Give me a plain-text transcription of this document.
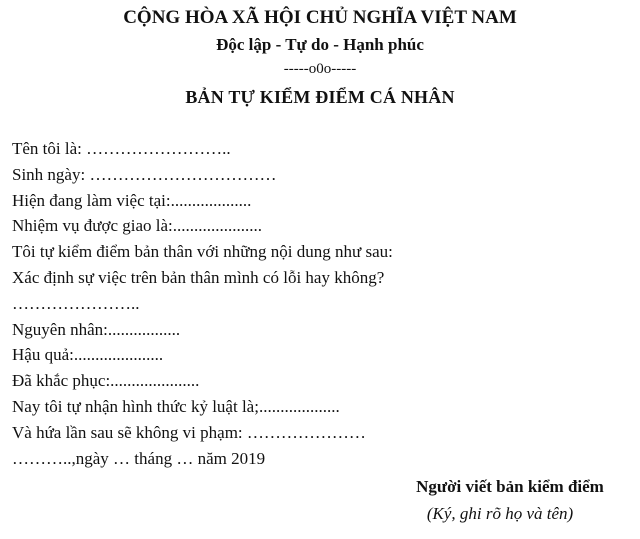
CỘNG HÒA XÃ HỘI CHỦ NGHĨA VIỆT NAM
Độc lập - Tự do - Hạnh phúc
-----o0o-----
BẢN TỰ KIỂM ĐIỂM CÁ NHÂN
Tên tôi là: ……………………..
Sinh ngày: ……………………………
Hiện đang làm việc tại:...................
Nhiệm vụ được giao là:.....................
Tôi tự kiểm điểm bản thân với những nội dung như sau:
Xác định sự việc trên bản thân mình có lỗi hay không?
…………………..
Nguyên nhân:.................
Hậu quả:.....................
Đã khắc phục:.....................
Nay tôi tự nhận hình thức kỷ luật là;...................
Và hứa lần sau sẽ không vi phạm: …………………
………..,ngày … tháng … năm 2019
Người viết bản kiểm điểm
(Ký, ghi rõ họ và tên)
